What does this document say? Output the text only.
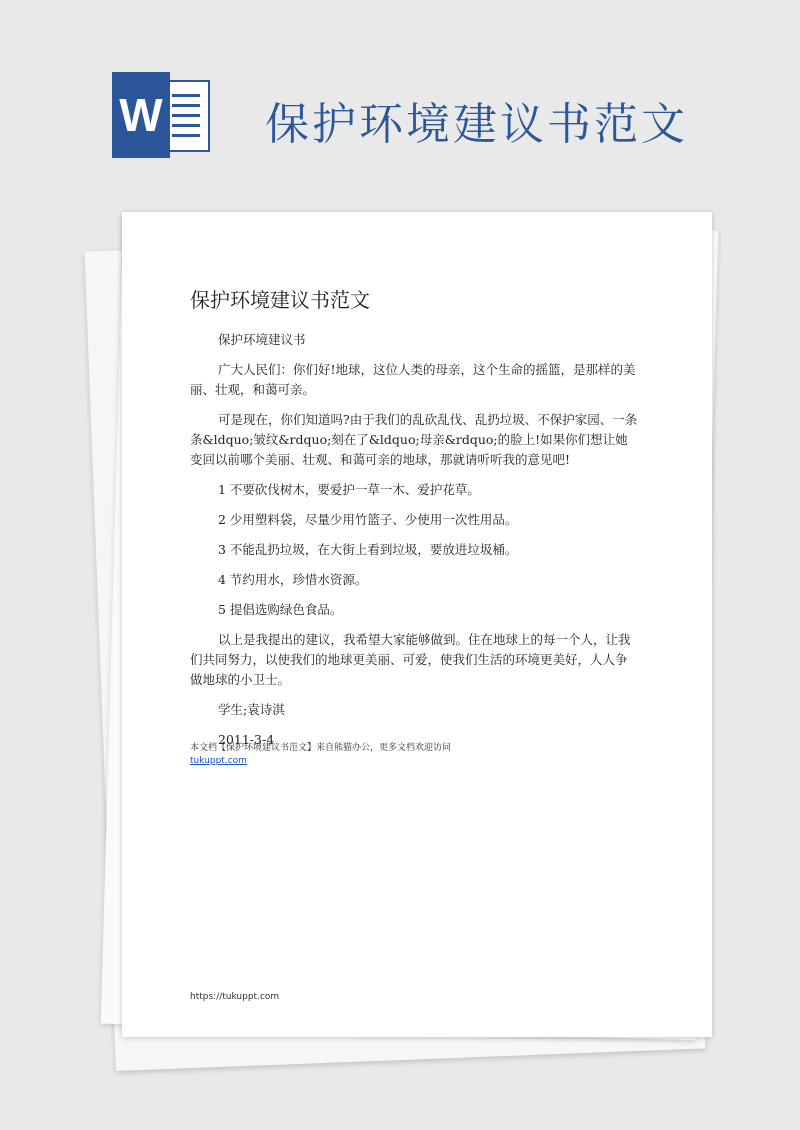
W 保护环境建议书范文
保护环境建议书范文

保护环境建议书

广大人民们：你们好!地球，这位人类的母亲，这个生命的摇篮，是那样的美丽、壮观，和蔼可亲。

可是现在，你们知道吗?由于我们的乱砍乱伐、乱扔垃圾、不保护家园、一条条&ldquo;皱纹&rdquo;刻在了&ldquo;母亲&rdquo;的脸上!如果你们想让她变回以前哪个美丽、壮观、和蔼可亲的地球，那就请听听我的意见吧!

1 不要砍伐树木，要爱护一草一木、爱护花草。

2 少用塑料袋，尽量少用竹篮子、少使用一次性用品。

3 不能乱扔垃圾，在大街上看到垃圾，要放进垃圾桶。

4 节约用水，珍惜水资源。

5 提倡选购绿色食品。

以上是我提出的建议，我希望大家能够做到。住在地球上的每一个人，让我们共同努力，以使我们的地球更美丽、可爱，使我们生活的环境更美好，人人争做地球的小卫士。

学生;袁诗淇

2011-3-4

本文档【保护环境建议书范文】来自熊猫办公，更多文档欢迎访问
tukuppt.com
https://tukuppt.com
